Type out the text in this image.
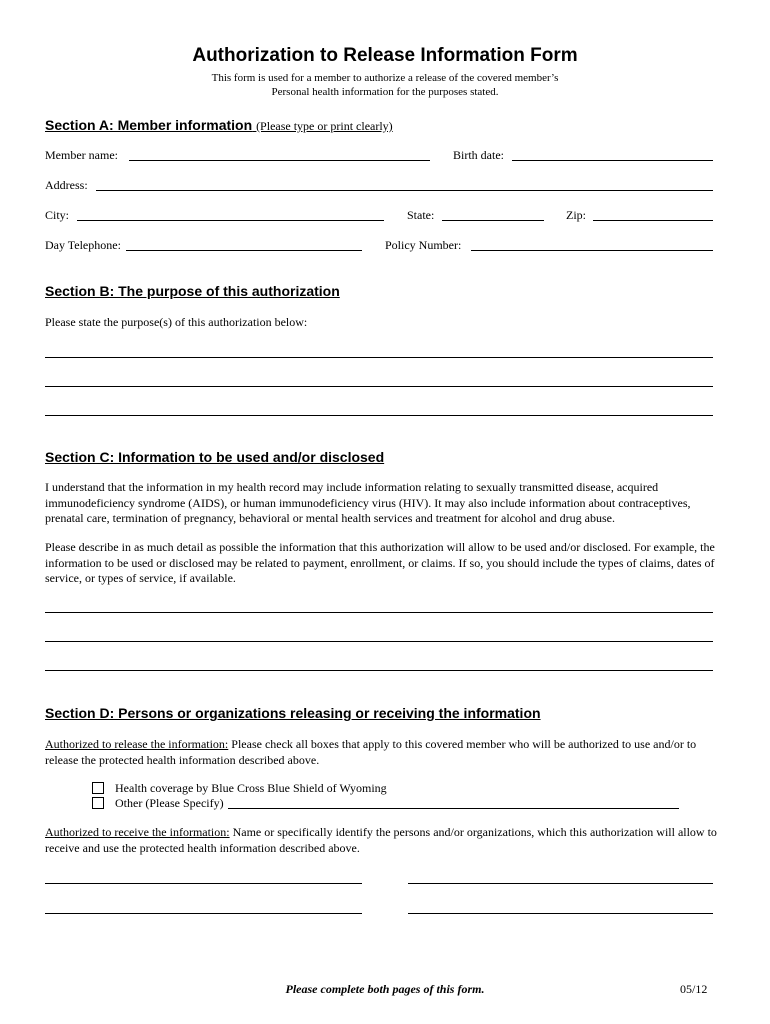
Authorization to Release Information Form
This form is used for a member to authorize a release of the covered member’s
Personal health information for the purposes stated.
Section A: Member information (Please type or print clearly)
Member name:	Birth date:
Address:
City:	State:	Zip:
Day Telephone:	Policy Number:
Section B: The purpose of this authorization
Please state the purpose(s) of this authorization below:
Section C: Information to be used and/or disclosed
I understand that the information in my health record may include information relating to sexually transmitted disease, acquired immunodeficiency syndrome (AIDS), or human immunodeficiency virus (HIV). It may also include information about contraceptives, prenatal care, termination of pregnancy, behavioral or mental health services and treatment for alcohol and drug abuse.
Please describe in as much detail as possible the information that this authorization will allow to be used and/or disclosed. For example, the information to be used or disclosed may be related to payment, enrollment, or claims. If so, you should include the types of claims, dates of service, or types of service, if available.
Section D: Persons or organizations releasing or receiving the information
Authorized to release the information: Please check all boxes that apply to this covered member who will be authorized to use and/or to release the protected health information described above.
Health coverage by Blue Cross Blue Shield of Wyoming
Other (Please Specify)
Authorized to receive the information: Name or specifically identify the persons and/or organizations, which this authorization will allow to receive and use the protected health information described above.
Please complete both pages of this form.	05/12
